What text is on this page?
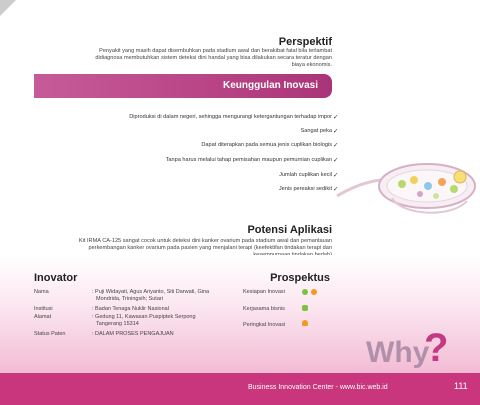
Perspektif
Penyakit yang masih dapat disembuhkan pada stadium awal dan berakibat fatal bila terlambat
didiagnosa membutuhkan sistem deteksi dini handal yang bisa dilakukan secara teratur dengan
biaya ekonomis.
Keunggulan Inovasi
Diproduksi di dalam negeri, sehingga mengurangi ketergantungan terhadap impor ✓
Sangat peka ✓
Dapat diterapkan pada semua jenis cuplikan biologis ✓
Tanpa harus melalui tahap pemisahan maupun pemurnian cuplikan ✓
Jumlah cuplikan kecil ✓
Jenis pereaksi sedikit ✓
Potensi Aplikasi
Kit IRMA CA-125 sangat cocok untuk deteksi dini kanker ovarium pada stadium awal dan pemantauan
perkembangan kanker ovarium pada pasien yang menjalani terapi (keefektifan tindakan terapi dan
Inovator
Nama	: Puji Widayati, Agus Ariyanto, Siti Darwati, Gina
Mondrida, Triningsih; Sutari
Institusi	: Badan Tenaga Nuklir Nasional
Alamat	: Gedung 11, Kawasan Puspiptek Serpong
Tangerang 15314
Status Paten	: DALAM PROSES PENGAJUAN
Prospektus
Kesiapan Inovasi
Kerjasama bisnis
Peringkat Inovasi
Why
?
Business Innovation Center - www.bic.web.id	111
